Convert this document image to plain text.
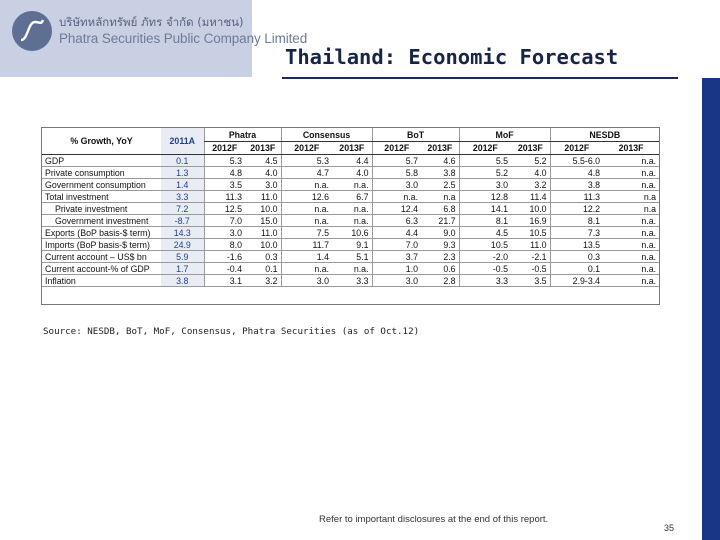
บริษัทหลักทรัพย์ ภัทร จำกัด (มหาชน)
Phatra Securities Public Company Limited
Thailand: Economic Forecast
% Growth, YoY	2011A	Phatra		Consensus		BoT		MoF		NESDB	
		2012F	2013F	2012F	2013F	2012F	2013F	2012F	2013F	2012F	2013F
GDP	0.1	5.3	4.5	5.3	4.4	5.7	4.6	5.5	5.2	5.5-6.0	n.a.
Private consumption	1.3	4.8	4.0	4.7	4.0	5.8	3.8	5.2	4.0	4.8	n.a.
Government consumption	1.4	3.5	3.0	n.a.	n.a.	3.0	2.5	3.0	3.2	3.8	n.a.
Total investment	3.3	11.3	11.0	12.6	6.7	n.a.	n.a	12.8	11.4	11.3	n.a
Private investment	7.2	12.5	10.0	n.a.	n.a.	12.4	6.8	14.1	10.0	12.2	n.a
Government investment	-8.7	7.0	15.0	n.a.	n.a.	6.3	21.7	8.1	16.9	8.1	n.a.
Exports (BoP basis-$ term)	14.3	3.0	11.0	7.5	10.6	4.4	9.0	4.5	10.5	7.3	n.a.
Imports (BoP basis-$ term)	24.9	8.0	10.0	11.7	9.1	7.0	9.3	10.5	11.0	13.5	n.a.
Current account – US$ bn	5.9	-1.6	0.3	1.4	5.1	3.7	2.3	-2.0	-2.1	0.3	n.a.
Current account-% of GDP	1.7	-0.4	0.1	n.a.	n.a.	1.0	0.6	-0.5	-0.5	0.1	n.a.
Inflation	3.8	3.1	3.2	3.0	3.3	3.0	2.8	3.3	3.5	2.9-3.4	n.a.
Source: NESDB, BoT, MoF, Consensus, Phatra Securities (as of Oct.12)
Refer to important disclosures at the end of this report.
35
